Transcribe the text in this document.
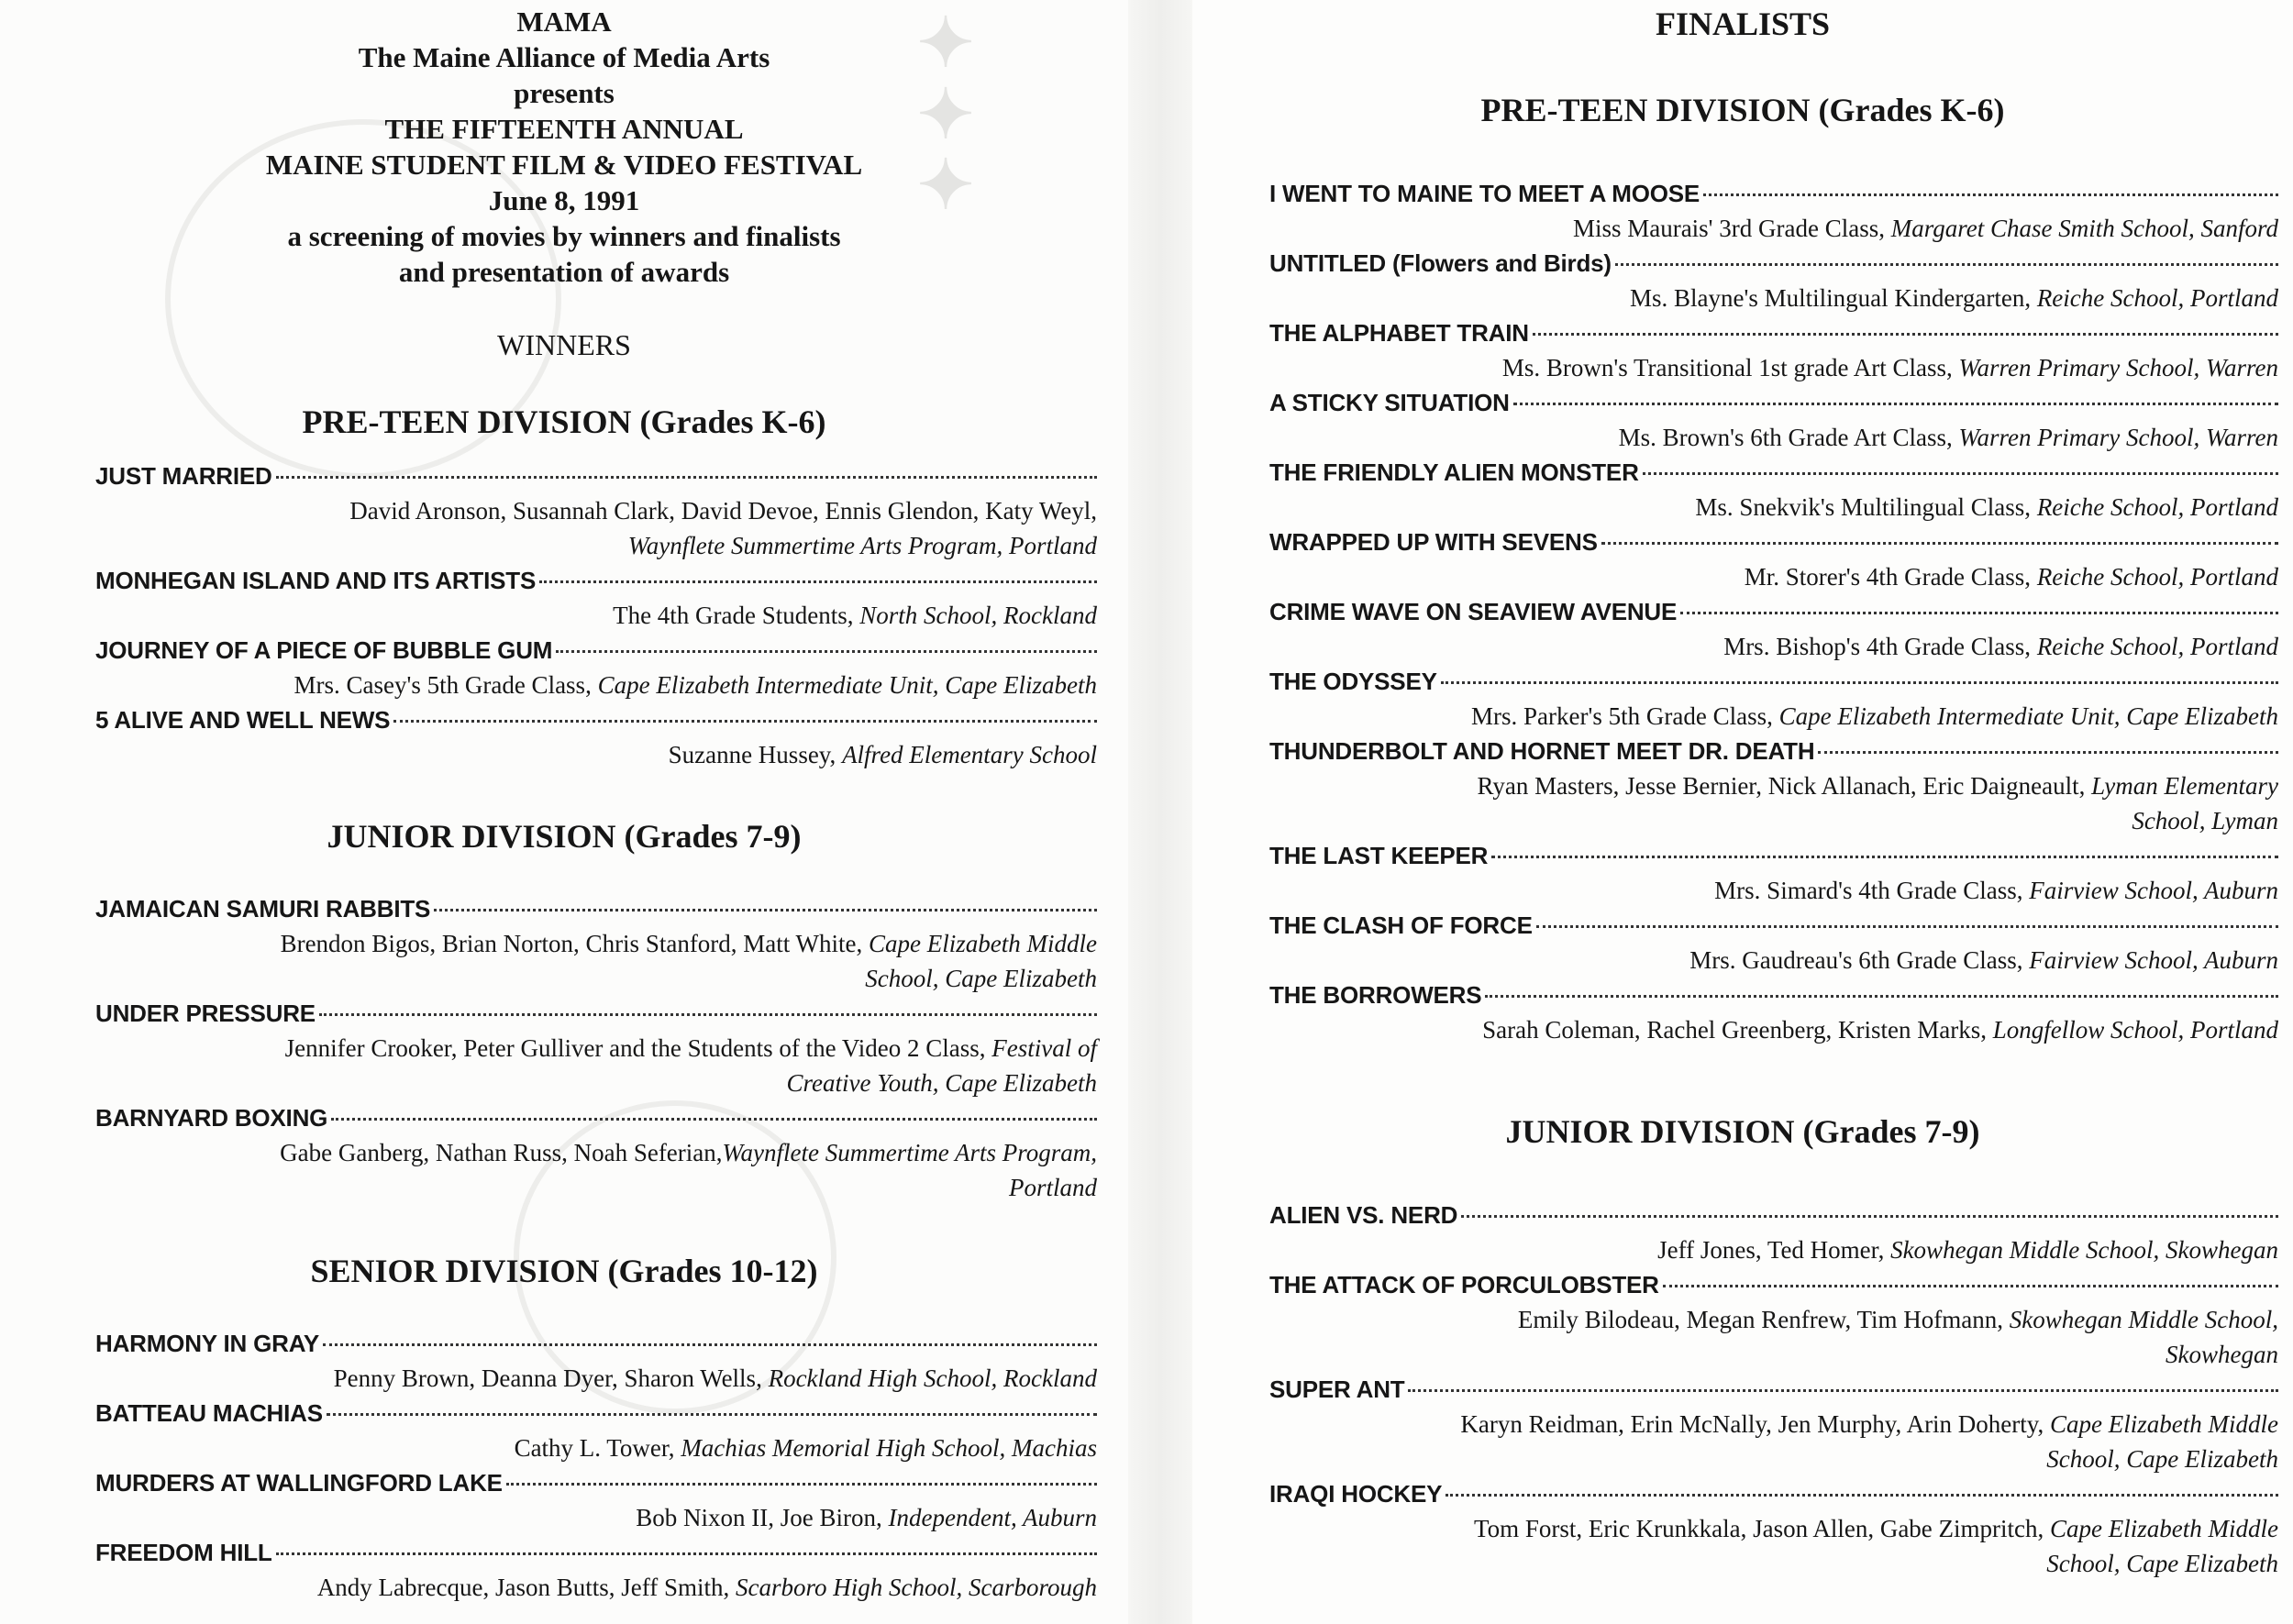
✦
✦
✦
MAMA
The Maine Alliance of Media Arts
presents
THE FIFTEENTH ANNUAL
MAINE STUDENT FILM & VIDEO FESTIVAL
June 8, 1991
a screening of movies by winners and finalists
and presentation of awards
WINNERS
PRE-TEEN DIVISION (Grades K-6)
JUST MARRIED
David Aronson, Susannah Clark, David Devoe, Ennis Glendon, Katy Weyl,
Waynflete Summertime Arts Program, Portland
MONHEGAN ISLAND AND ITS ARTISTS
The 4th Grade Students, North School, Rockland
JOURNEY OF A PIECE OF BUBBLE GUM
Mrs. Casey's 5th Grade Class, Cape Elizabeth Intermediate Unit, Cape Elizabeth
5 ALIVE AND WELL NEWS
Suzanne Hussey, Alfred Elementary School
JUNIOR DIVISION (Grades 7-9)
JAMAICAN SAMURI RABBITS
Brendon Bigos, Brian Norton, Chris Stanford, Matt White, Cape Elizabeth Middle
School, Cape Elizabeth
UNDER PRESSURE
Jennifer Crooker, Peter Gulliver and the Students of the Video 2 Class, Festival of
Creative Youth, Cape Elizabeth
BARNYARD BOXING
Gabe Ganberg, Nathan Russ, Noah Seferian,Waynflete Summertime Arts Program,
Portland
SENIOR DIVISION (Grades 10-12)
HARMONY IN GRAY
Penny Brown, Deanna Dyer, Sharon Wells, Rockland High School, Rockland
BATTEAU MACHIAS
Cathy L. Tower, Machias Memorial High School, Machias
MURDERS AT WALLINGFORD LAKE
Bob Nixon II, Joe Biron, Independent, Auburn
FREEDOM HILL
Andy Labrecque, Jason Butts, Jeff Smith, Scarboro High School, Scarborough
FINALISTS
PRE-TEEN DIVISION (Grades K-6)
I WENT TO MAINE TO MEET A MOOSE
Miss Maurais' 3rd Grade Class, Margaret Chase Smith School, Sanford
UNTITLED (Flowers and Birds)
Ms. Blayne's Multilingual Kindergarten, Reiche School, Portland
THE ALPHABET TRAIN
Ms. Brown's Transitional 1st grade Art Class, Warren Primary School, Warren
A STICKY SITUATION
Ms. Brown's 6th Grade Art Class, Warren Primary School, Warren
THE FRIENDLY ALIEN MONSTER
Ms. Snekvik's Multilingual Class, Reiche School, Portland
WRAPPED UP WITH SEVENS
Mr. Storer's 4th Grade Class, Reiche School, Portland
CRIME WAVE ON SEAVIEW AVENUE
Mrs. Bishop's 4th Grade Class, Reiche School, Portland
THE ODYSSEY
Mrs. Parker's 5th Grade Class, Cape Elizabeth Intermediate Unit, Cape Elizabeth
THUNDERBOLT AND HORNET MEET DR. DEATH
Ryan Masters, Jesse Bernier, Nick Allanach, Eric Daigneault, Lyman Elementary
School, Lyman
THE LAST KEEPER
Mrs. Simard's 4th Grade Class, Fairview School, Auburn
THE CLASH OF FORCE
Mrs. Gaudreau's 6th Grade Class, Fairview School, Auburn
THE BORROWERS
Sarah Coleman, Rachel Greenberg, Kristen Marks, Longfellow School, Portland
JUNIOR DIVISION (Grades 7-9)
ALIEN VS. NERD
Jeff Jones, Ted Homer, Skowhegan Middle School, Skowhegan
THE ATTACK OF PORCULOBSTER
Emily Bilodeau, Megan Renfrew, Tim Hofmann, Skowhegan Middle School,
Skowhegan
SUPER ANT
Karyn Reidman, Erin McNally, Jen Murphy, Arin Doherty, Cape Elizabeth Middle
School, Cape Elizabeth
IRAQI HOCKEY
Tom Forst, Eric Krunkkala, Jason Allen, Gabe Zimpritch, Cape Elizabeth Middle
School, Cape Elizabeth
